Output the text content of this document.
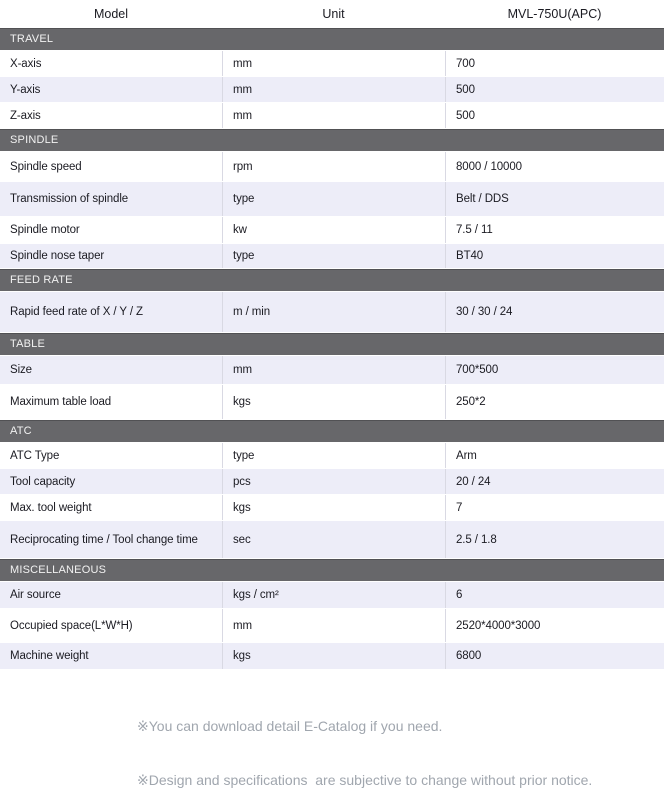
Model	Unit	MVL-750U(APC)
TRAVEL
X-axis	mm	700
Y-axis	mm	500
Z-axis	mm	500
SPINDLE
Spindle speed	rpm	8000 / 10000
Transmission of spindle	type	Belt / DDS
Spindle motor	kw	7.5 / 11
Spindle nose taper	type	BT40
FEED RATE
Rapid feed rate of X / Y / Z	m / min	30 / 30 / 24
TABLE
Size	mm	700*500
Maximum table load	kgs	250*2
ATC
ATC Type	type	Arm
Tool capacity	pcs	20 / 24
Max. tool weight	kgs	7
Reciprocating time / Tool change time	sec	2.5 / 1.8
MISCELLANEOUS
Air source	kgs / cm²	6
Occupied space(L*W*H)	mm	2520*4000*3000
Machine weight	kgs	6800

※You can download detail E-Catalog if you need.

※Design and specifications  are subjective to change without prior notice.
